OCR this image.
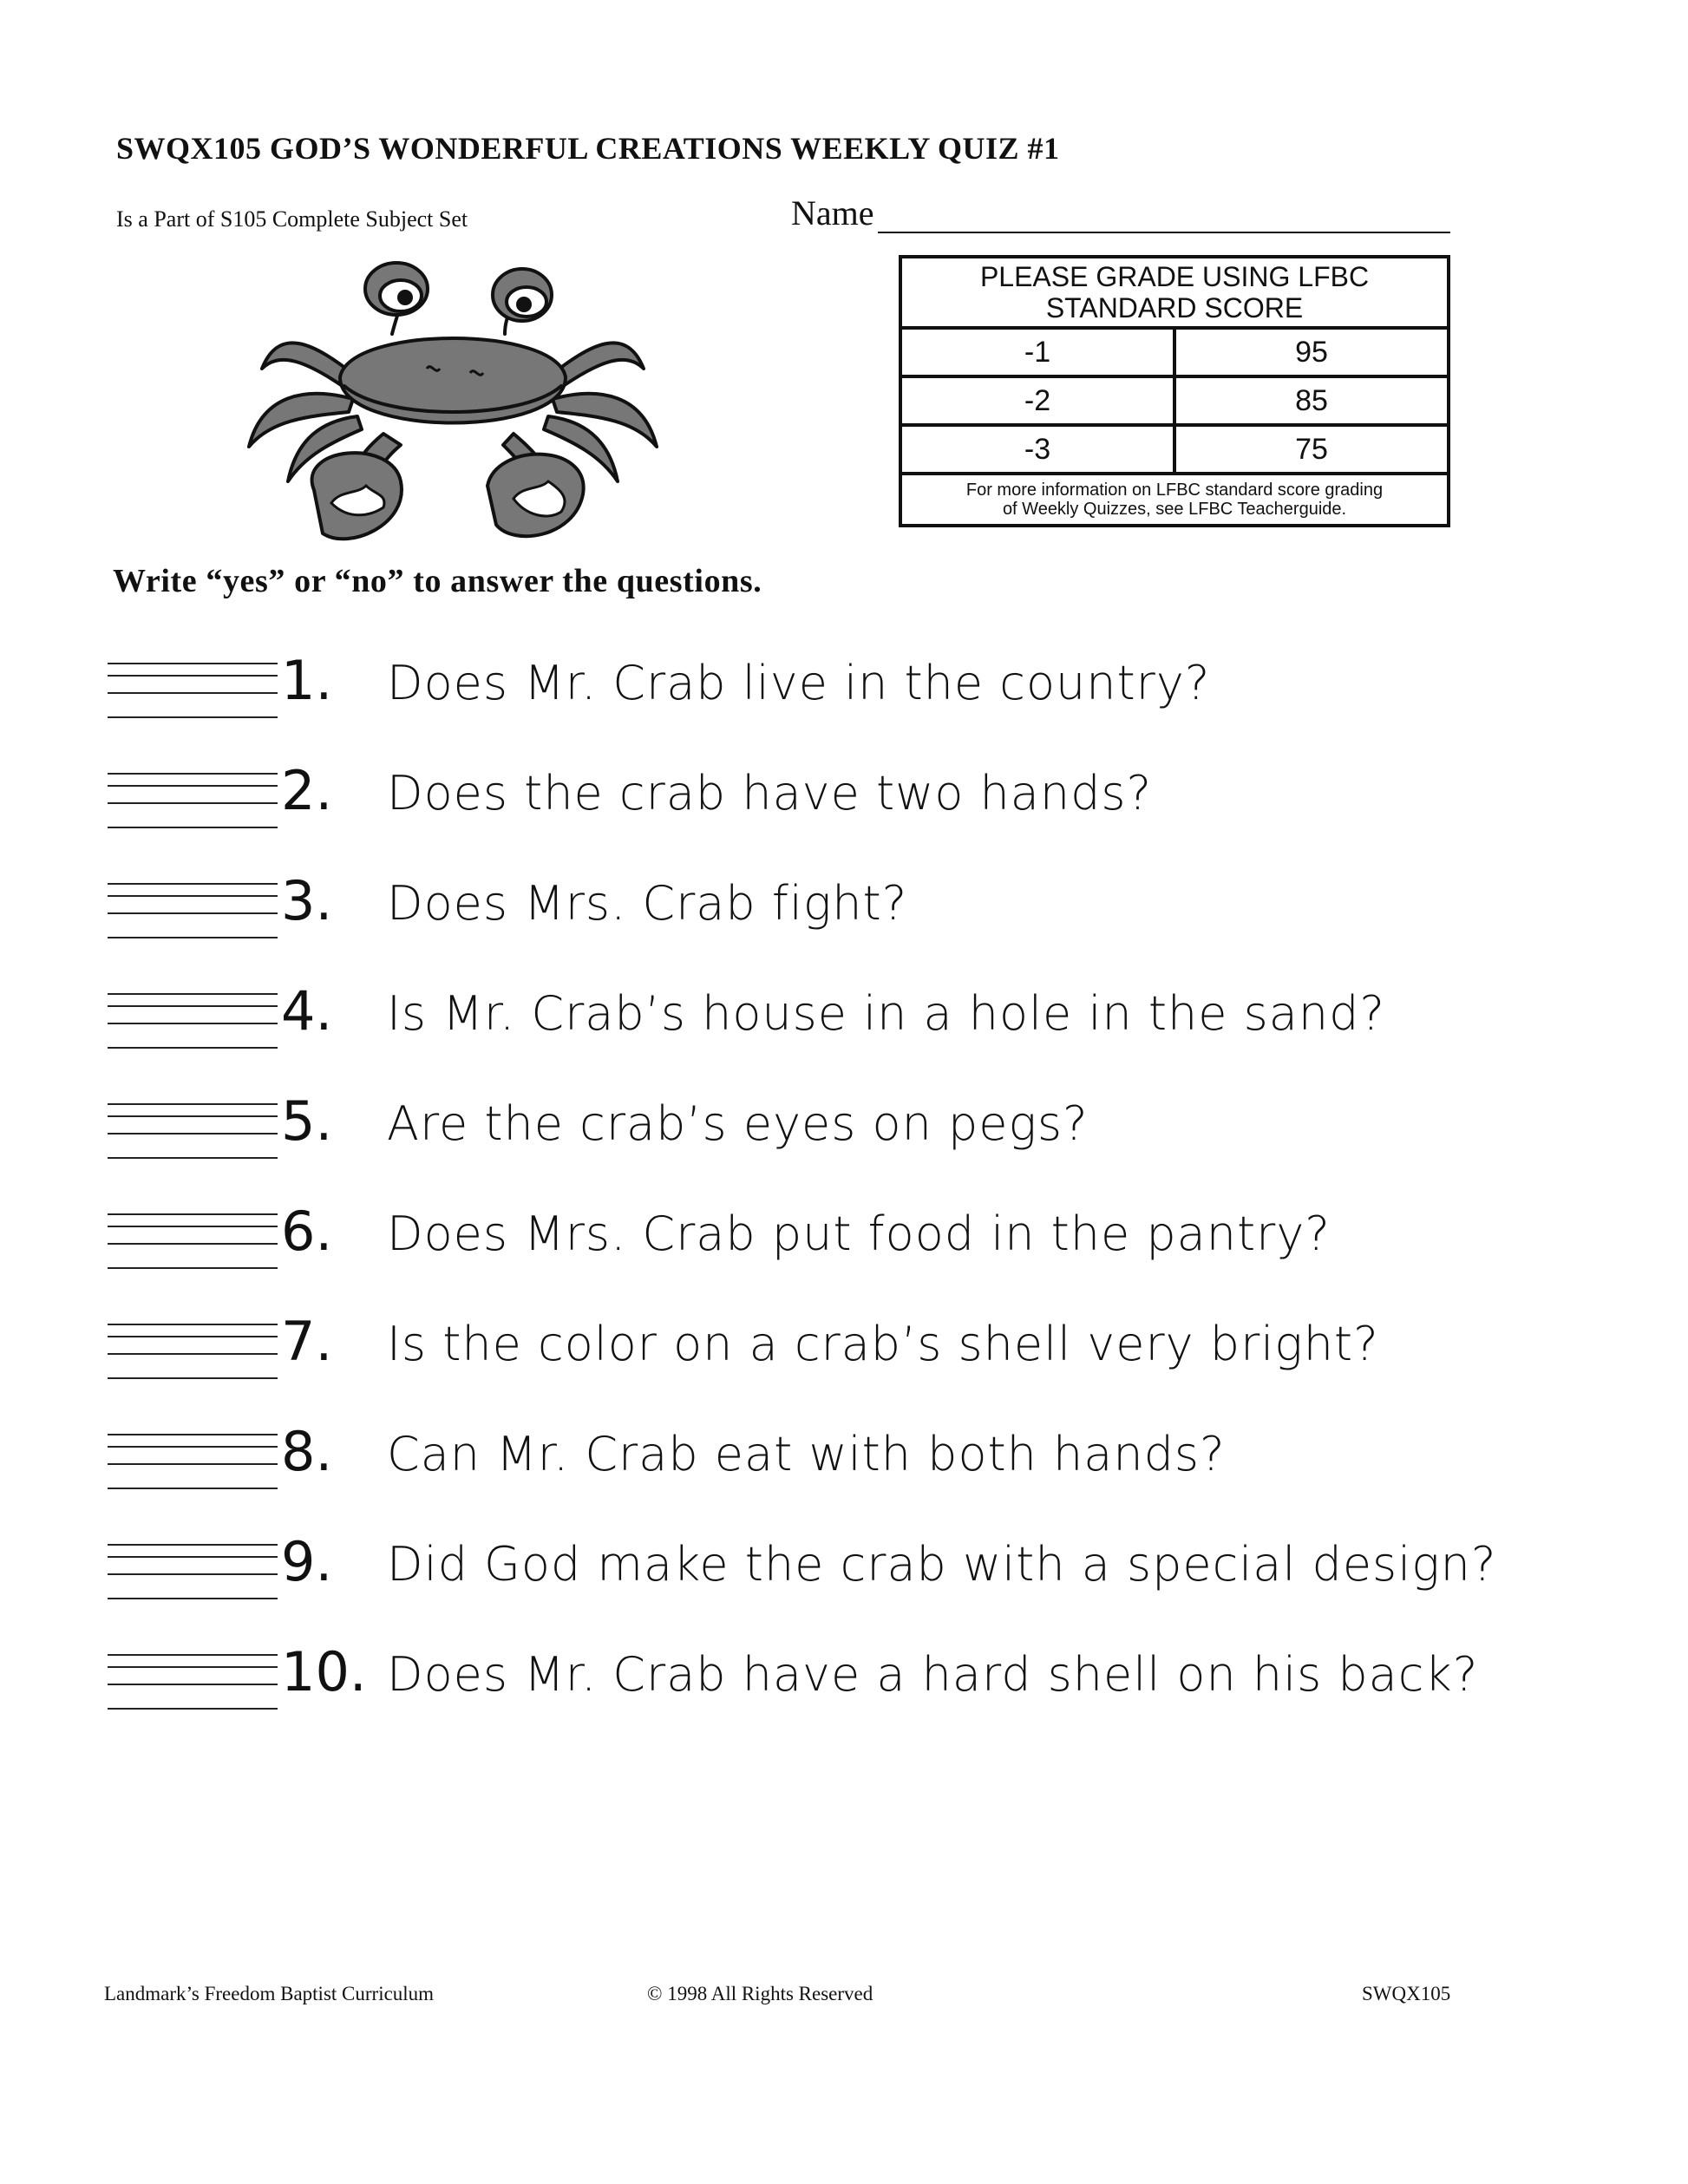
SWQX105 GOD’S WONDERFUL CREATIONS WEEKLY QUIZ #1
Is a Part of S105 Complete Subject Set	Name
PLEASE GRADE USING LFBC
STANDARD SCORE
-1	95
-2	85
-3	75
For more information on LFBC standard score grading
of Weekly Quizzes, see LFBC Teacherguide.
Write “yes” or “no” to answer the questions.
1. Does Mr. Crab live in the country?
2. Does the crab have two hands?
3. Does Mrs. Crab fight?
4. Is Mr. Crab’s house in a hole in the sand?
5. Are the crab’s eyes on pegs?
6. Does Mrs. Crab put food in the pantry?
7. Is the color on a crab’s shell very bright?
8. Can Mr. Crab eat with both hands?
9. Did God make the crab with a special design?
10. Does Mr. Crab have a hard shell on his back?
Landmark’s Freedom Baptist Curriculum	© 1998 All Rights Reserved	SWQX105
